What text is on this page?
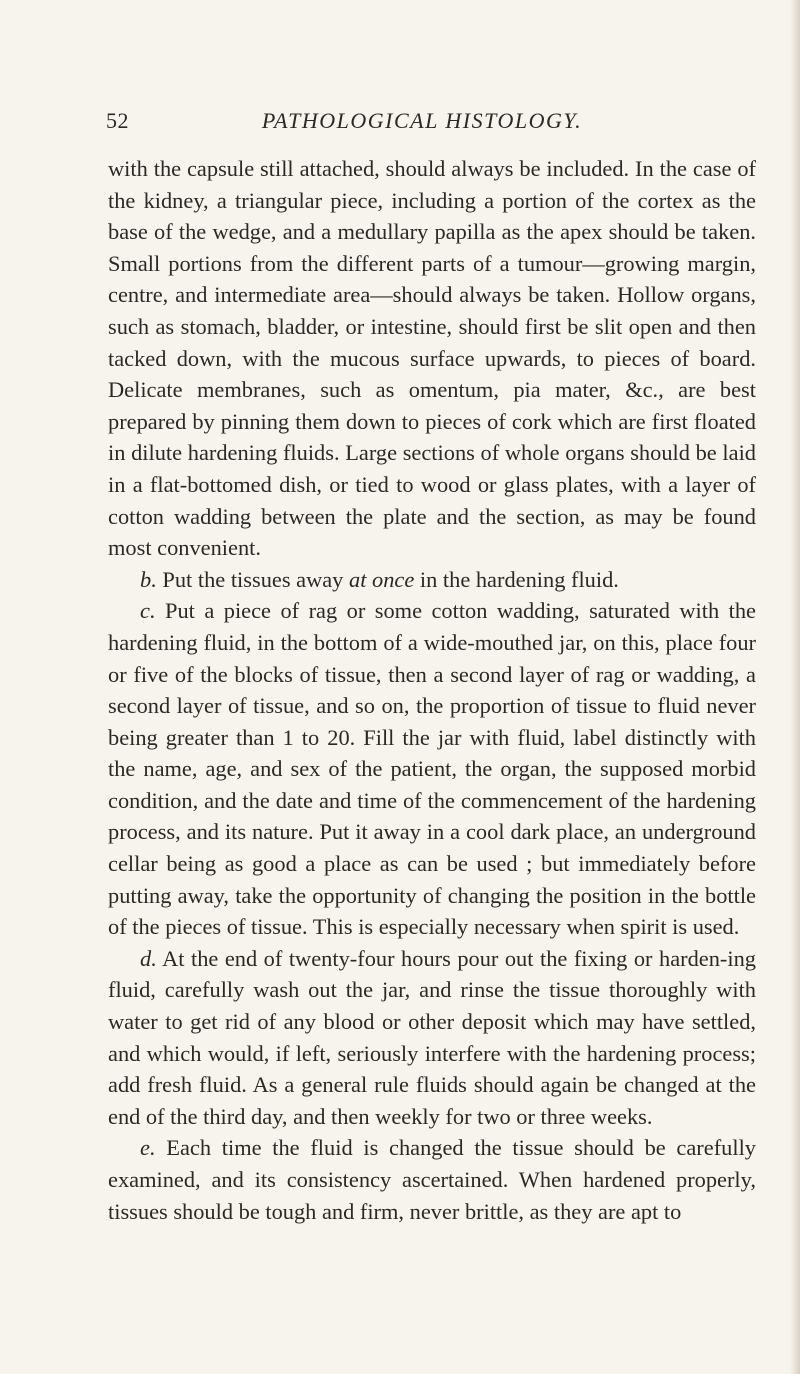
52	PATHOLOGICAL HISTOLOGY.

with the capsule still attached, should always be included. In the case of the kidney, a triangular piece, including a portion of the cortex as the base of the wedge, and a medullary papilla as the apex should be taken. Small portions from the different parts of a tumour—growing margin, centre, and intermediate area—should always be taken. Hollow organs, such as stomach, bladder, or intestine, should first be slit open and then tacked down, with the mucous surface upwards, to pieces of board. Delicate membranes, such as omentum, pia mater, &c., are best prepared by pinning them down to pieces of cork which are first floated in dilute hardening fluids. Large sections of whole organs should be laid in a flat-bottomed dish, or tied to wood or glass plates, with a layer of cotton wadding between the plate and the section, as may be found most convenient.

b. Put the tissues away at once in the hardening fluid.

c. Put a piece of rag or some cotton wadding, saturated with the hardening fluid, in the bottom of a wide-mouthed jar, on this, place four or five of the blocks of tissue, then a second layer of rag or wadding, a second layer of tissue, and so on, the proportion of tissue to fluid never being greater than 1 to 20. Fill the jar with fluid, label distinctly with the name, age, and sex of the patient, the organ, the supposed morbid condition, and the date and time of the commencement of the hardening process, and its nature. Put it away in a cool dark place, an underground cellar being as good a place as can be used ; but immediately before putting away, take the opportunity of changing the position in the bottle of the pieces of tissue. This is especially necessary when spirit is used.

d. At the end of twenty-four hours pour out the fixing or harden-ing fluid, carefully wash out the jar, and rinse the tissue thoroughly with water to get rid of any blood or other deposit which may have settled, and which would, if left, seriously interfere with the hardening process; add fresh fluid. As a general rule fluids should again be changed at the end of the third day, and then weekly for two or three weeks.

e. Each time the fluid is changed the tissue should be carefully examined, and its consistency ascertained. When hardened properly, tissues should be tough and firm, never brittle, as they are apt to
